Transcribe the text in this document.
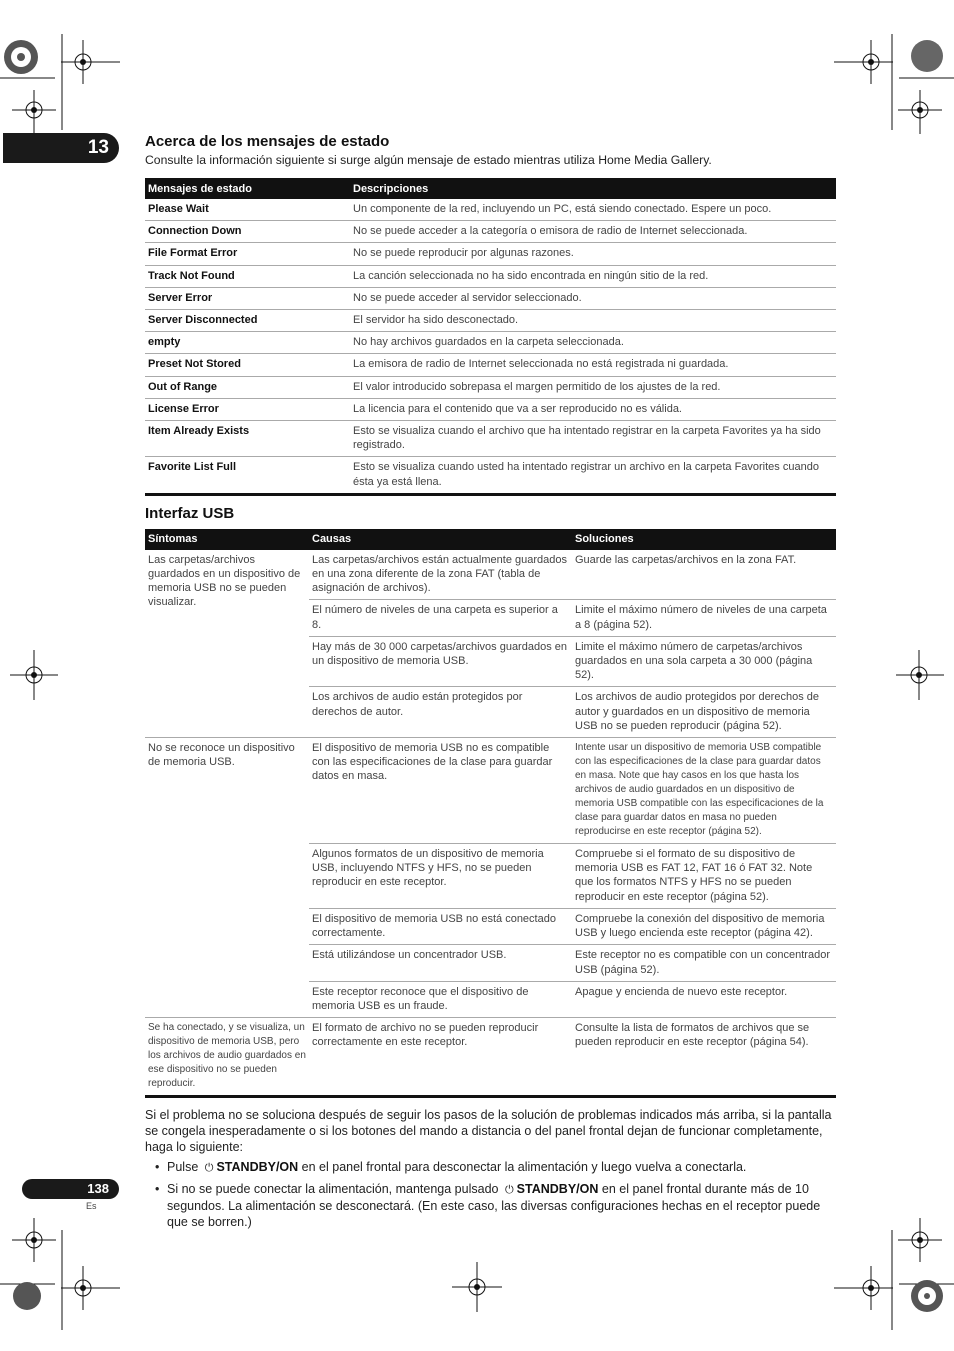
13	Acerca de los mensajes de estado

Consulte la información siguiente si surge algún mensaje de estado mientras utiliza Home Media Gallery.

Mensajes de estado	Descripciones
Please Wait	Un componente de la red, incluyendo un PC, está siendo conectado. Espere un poco.
Connection Down	No se puede acceder a la categoría o emisora de radio de Internet seleccionada.
File Format Error	No se puede reproducir por algunas razones.
Track Not Found	La canción seleccionada no ha sido encontrada en ningún sitio de la red.
Server Error	No se puede acceder al servidor seleccionado.
Server Disconnected	El servidor ha sido desconectado.
empty	No hay archivos guardados en la carpeta seleccionada.
Preset Not Stored	La emisora de radio de Internet seleccionada no está registrada ni guardada.
Out of Range	El valor introducido sobrepasa el margen permitido de los ajustes de la red.
License Error	La licencia para el contenido que va a ser reproducido no es válida.
Item Already Exists	Esto se visualiza cuando el archivo que ha intentado registrar en la carpeta Favorites ya ha sido registrado.
Favorite List Full	Esto se visualiza cuando usted ha intentado registrar un archivo en la carpeta Favorites cuando ésta ya está llena.
Interfaz USB
Síntomas	Causas	Soluciones
Las carpetas/archivos guardados en un dispositivo de memoria USB no se pueden visualizar.	Las carpetas/archivos están actualmente guardados en una zona diferente de la zona FAT (tabla de asignación de archivos).	Guarde las carpetas/archivos en la zona FAT.
	El número de niveles de una carpeta es superior a 8.	Limite el máximo número de niveles de una carpeta a 8 (página 52).
	Hay más de 30 000 carpetas/archivos guardados en un dispositivo de memoria USB.	Limite el máximo número de carpetas/archivos guardados en una sola carpeta a 30 000 (página 52).
	Los archivos de audio están protegidos por derechos de autor.	Los archivos de audio protegidos por derechos de autor y guardados en un dispositivo de memoria USB no se pueden reproducir (página 52).
No se reconoce un dispositivo de memoria USB.	El dispositivo de memoria USB no es compatible con las especificaciones de la clase para guardar datos en masa.	Intente usar un dispositivo de memoria USB compatible con las especificaciones de la clase para guardar datos en masa. Note que hay casos en los que hasta los archivos de audio guardados en un dispositivo de memoria USB compatible con las especificaciones de la clase para guardar datos en masa no pueden reproducirse en este receptor (página 52).
	Algunos formatos de un dispositivo de memoria USB, incluyendo NTFS y HFS, no se pueden reproducir en este receptor.	Compruebe si el formato de su dispositivo de memoria USB es FAT 12, FAT 16 ó FAT 32. Note que los formatos NTFS y HFS no se pueden reproducir en este receptor (página 52).
	El dispositivo de memoria USB no está conectado correctamente.	Compruebe la conexión del dispositivo de memoria USB y luego encienda este receptor (página 42).
	Está utilizándose un concentrador USB.	Este receptor no es compatible con un concentrador USB (página 52).
	Este receptor reconoce que el dispositivo de memoria USB es un fraude.	Apague y encienda de nuevo este receptor.
Se ha conectado, y se visualiza, un dispositivo de memoria USB, pero los archivos de audio guardados en ese dispositivo no se pueden reproducir.	El formato de archivo no se pueden reproducir correctamente en este receptor.	Consulte la lista de formatos de archivos que se pueden reproducir en este receptor (página 54).

Si el problema no se soluciona después de seguir los pasos de la solución de problemas indicados más arriba, si la pantalla se congela inesperadamente o si los botones del mando a distancia o del panel frontal dejan de funcionar completamente, haga lo siguiente:

• Pulse ⏻ STANDBY/ON en el panel frontal para desconectar la alimentación y luego vuelva a conectarla.
• Si no se puede conectar la alimentación, mantenga pulsado ⏻ STANDBY/ON en el panel frontal durante más de 10 segundos. La alimentación se desconectará. (En este caso, las diversas configuraciones hechas en el receptor puede que se borren.)
138
Es
